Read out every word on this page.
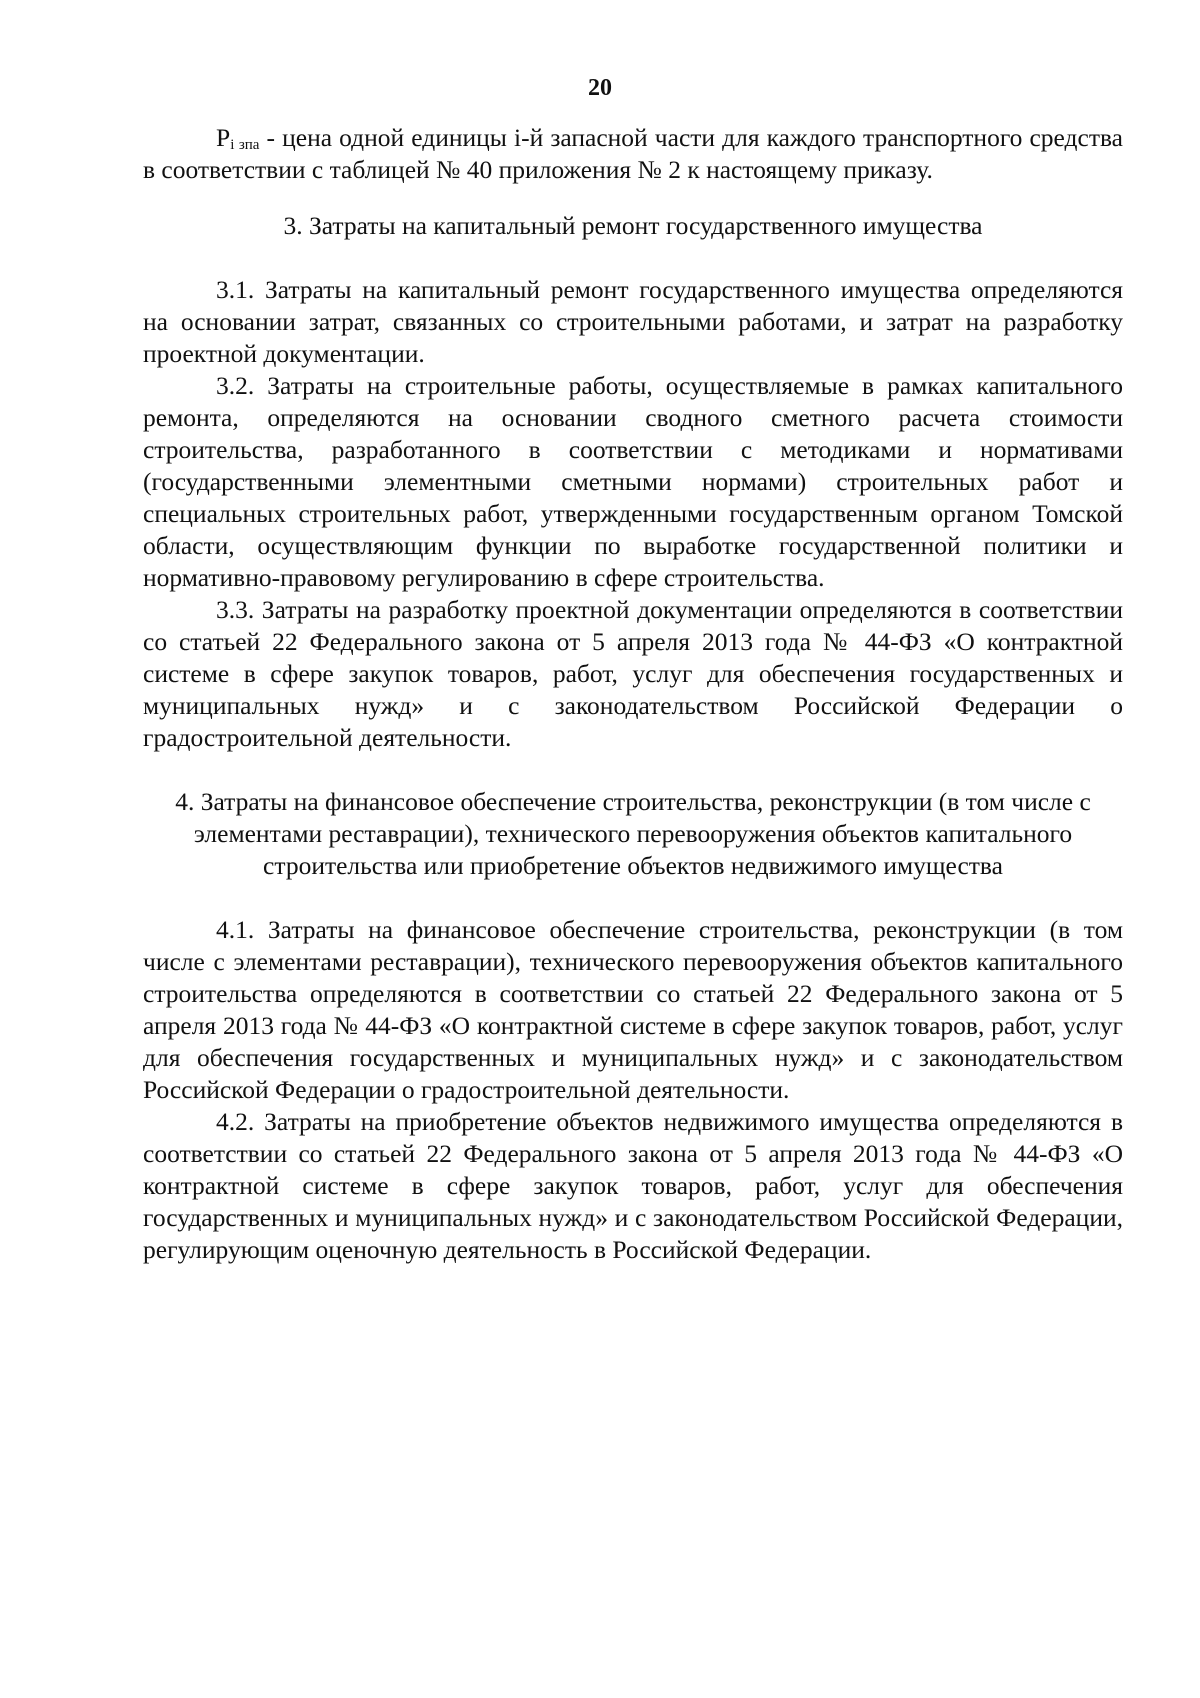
20

$P_{i зпа}$ - цена одной единицы i-й запасной части для каждого транспортного средства в соответствии с таблицей № 40 приложения № 2 к настоящему приказу.

3. Затраты на капитальный ремонт государственного имущества

3.1. Затраты на капитальный ремонт государственного имущества определяются на основании затрат, связанных со строительными работами, и затрат на разработку проектной документации.

3.2. Затраты на строительные работы, осуществляемые в рамках капитального ремонта, определяются на основании сводного сметного расчета стоимости строительства, разработанного в соответствии с методиками и нормативами (государственными элементными сметными нормами) строительных работ и специальных строительных работ, утвержденными государственным органом Томской области, осуществляющим функции по выработке государственной политики и нормативно-правовому регулированию в сфере строительства.

3.3. Затраты на разработку проектной документации определяются в соответствии со статьей 22 Федерального закона от 5 апреля 2013 года № 44-ФЗ «О контрактной системе в сфере закупок товаров, работ, услуг для обеспечения государственных и муниципальных нужд» и с законодательством Российской Федерации о градостроительной деятельности.

4. Затраты на финансовое обеспечение строительства, реконструкции (в том числе с элементами реставрации), технического перевооружения объектов капитального строительства или приобретение объектов недвижимого имущества

4.1. Затраты на финансовое обеспечение строительства, реконструкции (в том числе с элементами реставрации), технического перевооружения объектов капитального строительства определяются в соответствии со статьей 22 Федерального закона от 5 апреля 2013 года № 44-ФЗ «О контрактной системе в сфере закупок товаров, работ, услуг для обеспечения государственных и муниципальных нужд» и с законодательством Российской Федерации о градостроительной деятельности.

4.2. Затраты на приобретение объектов недвижимого имущества определяются в соответствии со статьей 22 Федерального закона от 5 апреля 2013 года № 44-ФЗ «О контрактной системе в сфере закупок товаров, работ, услуг для обеспечения государственных и муниципальных нужд» и с законодательством Российской Федерации, регулирующим оценочную деятельность в Российской Федерации.
